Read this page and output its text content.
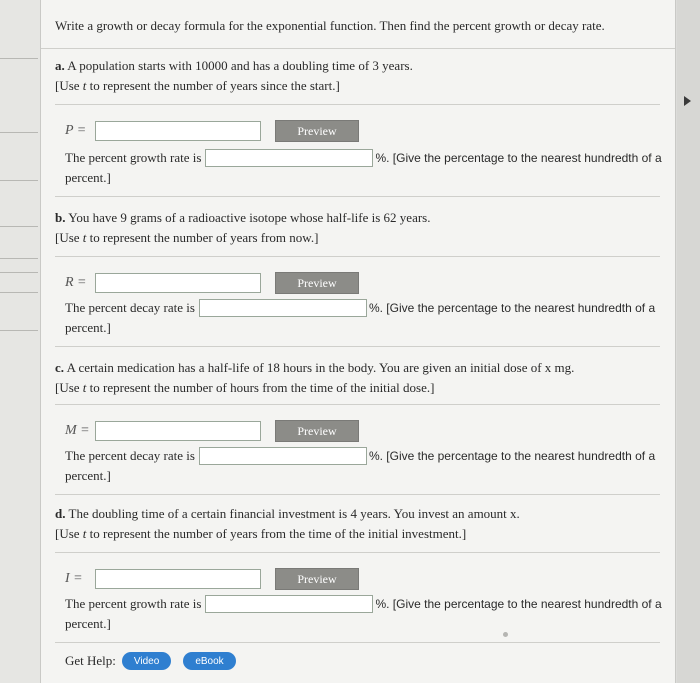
Write a growth or decay formula for the exponential function. Then find the percent growth or decay rate.
a. A population starts with 10000 and has a doubling time of 3 years.
[Use t to represent the number of years since the start.]
P =	Preview
The percent growth rate is	%. [Give the percentage to the nearest hundredth of a
percent.]
b. You have 9 grams of a radioactive isotope whose half-life is 62 years.
[Use t to represent the number of years from now.]
R =	Preview
The percent decay rate is	%. [Give the percentage to the nearest hundredth of a
percent.]
c. A certain medication has a half-life of 18 hours in the body. You are given an initial dose of x mg.
[Use t to represent the number of hours from the time of the initial dose.]
M =	Preview
The percent decay rate is	%. [Give the percentage to the nearest hundredth of a
percent.]
d. The doubling time of a certain financial investment is 4 years. You invest an amount x.
[Use t to represent the number of years from the time of the initial investment.]
I =	Preview
The percent growth rate is	%. [Give the percentage to the nearest hundredth of a
percent.]
Get Help:	Video	eBook
